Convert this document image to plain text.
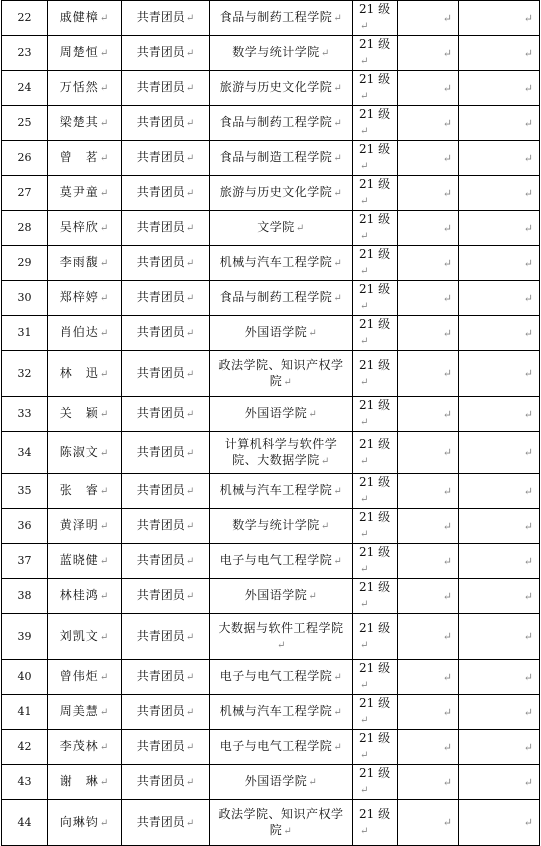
22	戚健樟↵	共青团员↵	食品与制药工程学院↵	21 级↵	↵	↵
23	周楚恒↵	共青团员↵	数学与统计学院↵	21 级↵	↵	↵
24	万恬然↵	共青团员↵	旅游与历史文化学院↵	21 级↵	↵	↵
25	梁楚其↵	共青团员↵	食品与制药工程学院↵	21 级↵	↵	↵
26	曾　茗↵	共青团员↵	食品与制造工程学院↵	21 级↵	↵	↵
27	莫尹童↵	共青团员↵	旅游与历史文化学院↵	21 级↵	↵	↵
28	吴梓欣↵	共青团员↵	文学院↵	21 级↵	↵	↵
29	李雨馥↵	共青团员↵	机械与汽车工程学院↵	21 级↵	↵	↵
30	郑梓婷↵	共青团员↵	食品与制药工程学院↵	21 级↵	↵	↵
31	肖伯达↵	共青团员↵	外国语学院↵	21 级↵	↵	↵
32	林　迅↵	共青团员↵	政法学院、知识产权学院↵	21 级↵	↵	↵
33	关　颖↵	共青团员↵	外国语学院↵	21 级↵	↵	↵
34	陈淑文↵	共青团员↵	计算机科学与软件学院、大数据学院↵	21 级↵	↵	↵
35	张　睿↵	共青团员↵	机械与汽车工程学院↵	21 级↵	↵	↵
36	黄泽明↵	共青团员↵	数学与统计学院↵	21 级↵	↵	↵
37	蓝晓健↵	共青团员↵	电子与电气工程学院↵	21 级↵	↵	↵
38	林桂鸿↵	共青团员↵	外国语学院↵	21 级↵	↵	↵
39	刘凯文↵	共青团员↵	大数据与软件工程学院↵	21 级↵	↵	↵
40	曾伟炬↵	共青团员↵	电子与电气工程学院↵	21 级↵	↵	↵
41	周美慧↵	共青团员↵	机械与汽车工程学院↵	21 级↵	↵	↵
42	李茂林↵	共青团员↵	电子与电气工程学院↵	21 级↵	↵	↵
43	谢　琳↵	共青团员↵	外国语学院↵	21 级↵	↵	↵
44	向琳钧↵	共青团员↵	政法学院、知识产权学院↵	21 级↵	↵	↵
